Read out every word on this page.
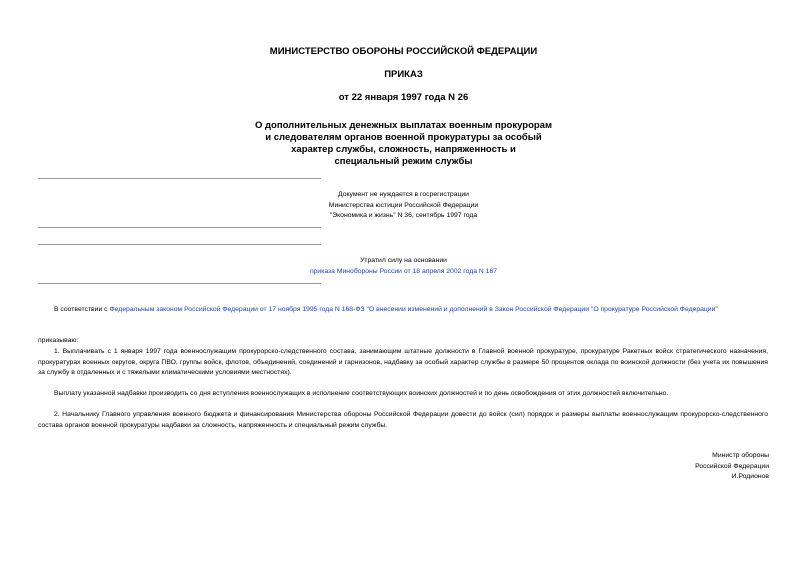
МИНИСТЕРСТВО ОБОРОНЫ РОССИЙСКОЙ ФЕДЕРАЦИИ
ПРИКАЗ
от 22 января 1997 года N 26
О дополнительных денежных выплатах военным прокурорам
и следователям органов военной прокуратуры за особый
характер службы, сложность, напряженность и
специальный режим службы
Документ не нуждается в госрегистрации
Министерства юстиции Российской Федерации
"Экономика и жизнь" N 36, сентябрь 1997 года
Утратил силу на основании
приказа Минобороны России от 18 апреля 2002 года N 167
В соответствии с Федеральным законом Российской Федерации от 17 ноября 1995 года N 168-ФЗ "О внесении изменений и дополнений в Закон Российской Федерации "О прокуратуре Российской Федерации"
приказываю:
1. Выплачивать с 1 января 1997 года военнослужащим прокурорско-следственного состава, занимающим штатные должности в Главной военной прокуратуре, прокуратуре Ракетных войск стратегического назначения, прокуратурах военных округов, округа ПВО, группы войск, флотов, объединений, соединений и гарнизонов, надбавку за особый характер службы в размере 50 процентов оклада по воинской должности (без учета их повышения за службу в отдаленных и с тяжелыми климатическими условиями местностях).
Выплату указанной надбавки производить со дня вступления военнослужащих в исполнение соответствующих воинских должностей и по день освобождения от этих должностей включительно.
2. Начальнику Главного управления военного бюджета и финансирования Министерства обороны Российской Федерации довести до войск (сил) порядок и размеры выплаты военнослужащим прокурорско-следственного состава органов военной прокуратуры надбавки за сложность, напряженность и специальный режим службы.
Министр обороны
Российской Федерации
И.Родионов
